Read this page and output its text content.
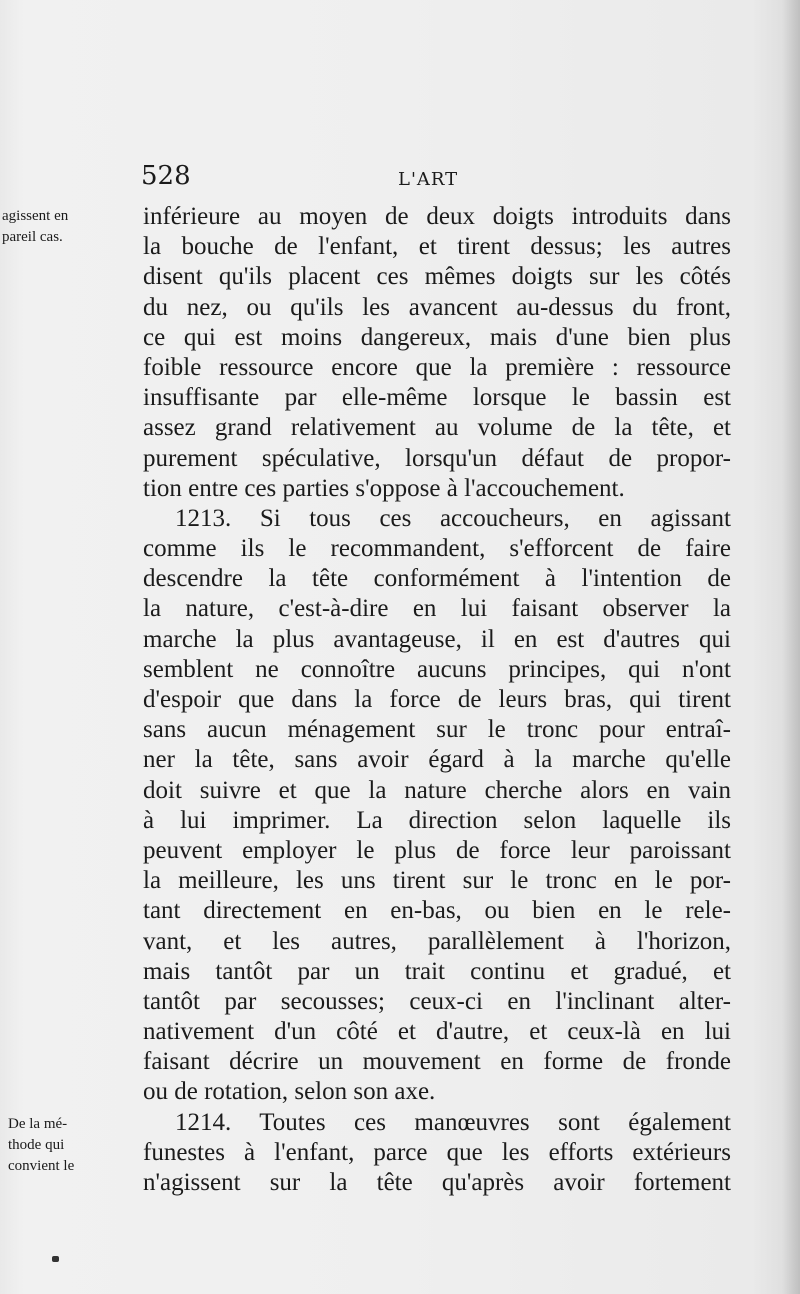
528	L'ART
agissent en
pareil cas.
De la mé-
thode qui
convient le
inférieure au moyen de deux doigts introduits dans
la bouche de l'enfant, et tirent dessus; les autres
disent qu'ils placent ces mêmes doigts sur les côtés
du nez, ou qu'ils les avancent au-dessus du front,
ce qui est moins dangereux, mais d'une bien plus
foible ressource encore que la première : ressource
insuffisante par elle-même lorsque le bassin est
assez grand relativement au volume de la tête, et
purement spéculative, lorsqu'un défaut de propor-
tion entre ces parties s'oppose à l'accouchement.
1213. Si tous ces accoucheurs, en agissant
comme ils le recommandent, s'efforcent de faire
descendre la tête conformément à l'intention de
la nature, c'est-à-dire en lui faisant observer la
marche la plus avantageuse, il en est d'autres qui
semblent ne connoître aucuns principes, qui n'ont
d'espoir que dans la force de leurs bras, qui tirent
sans aucun ménagement sur le tronc pour entraî-
ner la tête, sans avoir égard à la marche qu'elle
doit suivre et que la nature cherche alors en vain
à lui imprimer. La direction selon laquelle ils
peuvent employer le plus de force leur paroissant
la meilleure, les uns tirent sur le tronc en le por-
tant directement en en-bas, ou bien en le rele-
vant, et les autres, parallèlement à l'horizon,
mais tantôt par un trait continu et gradué, et
tantôt par secousses; ceux-ci en l'inclinant alter-
nativement d'un côté et d'autre, et ceux-là en lui
faisant décrire un mouvement en forme de fronde
ou de rotation, selon son axe.
1214. Toutes ces manœuvres sont également
funestes à l'enfant, parce que les efforts extérieurs
n'agissent sur la tête qu'après avoir fortement
